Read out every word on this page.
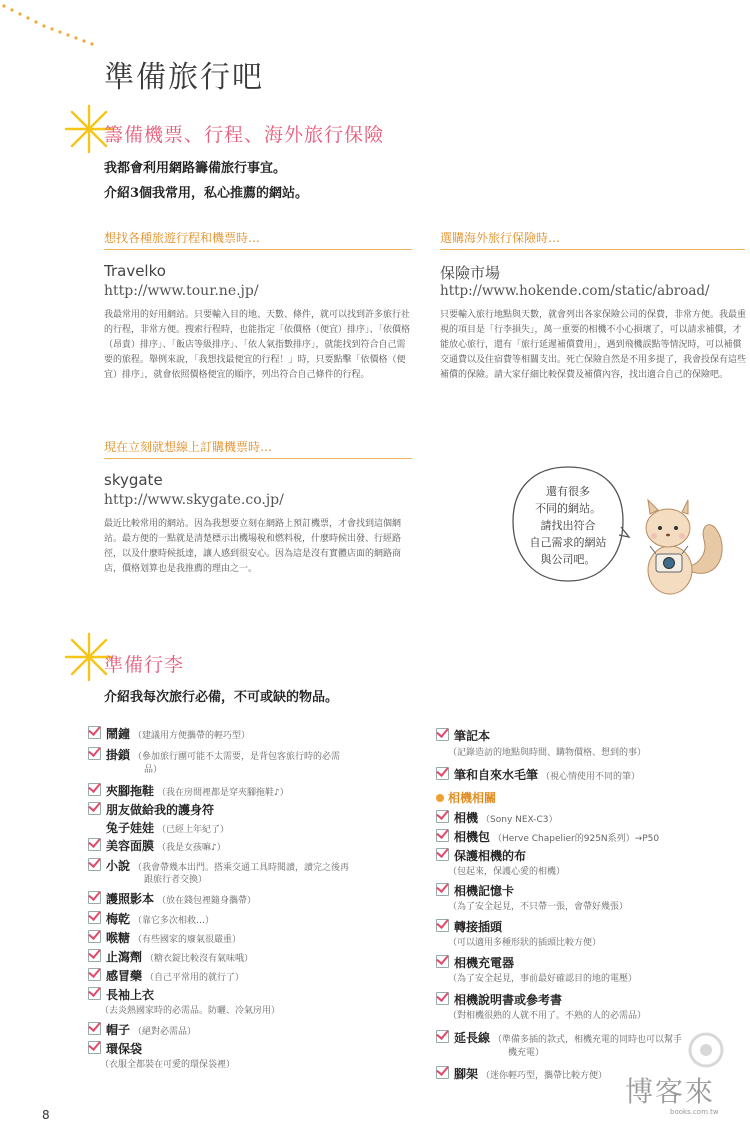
準備旅行吧
籌備機票、行程、海外旅行保險
我都會利用網路籌備旅行事宜。
介紹3個我常用，私心推薦的網站。
想找各種旅遊行程和機票時…
Travelko
http://www.tour.ne.jp/
我最常用的好用網站。只要輸入目的地、天數、條件，就可以找到許多旅行社的行程，非常方便。搜索行程時，也能指定「依價格（便宜）排序」、「依價格（昂貴）排序」、「飯店等級排序」、「依人氣指數排序」，就能找到符合自己需要的旅程。舉例來說，「我想找最便宜的行程！」時，只要點擊「依價格（便宜）排序」，就會依照價格便宜的順序，列出符合自己條件的行程。
選購海外旅行保險時…
保險市場
http://www.hokende.com/static/abroad/
只要輸入旅行地點與天數，就會列出各家保險公司的保費，非常方便。我最重視的項目是「行李損失」，萬一重要的相機不小心損壞了，可以請求補償，才能放心旅行，還有「旅行延遲補償費用」，遇到飛機誤點等情況時，可以補償交通費以及住宿費等相關支出。死亡保險自然是不用多提了，我會投保有這些補償的保險。請大家仔細比較保費及補償內容，找出適合自己的保險吧。
現在立刻就想線上訂購機票時…
skygate
http://www.skygate.co.jp/
最近比較常用的網站。因為我想要立刻在網路上預訂機票，才會找到這個網站。最方便的一點就是清楚標示出機場稅和燃料稅，什麼時候出發、行經路徑，以及什麼時候抵達，讓人感到很安心。因為這是沒有實體店面的網路商店，價格划算也是我推薦的理由之一。
還有很多
不同的網站。
請找出符合
自己需求的網站
與公司吧。
準備行李
介紹我每次旅行必備，不可或缺的物品。
鬧鐘 （建議用方便攜帶的輕巧型）
掛鎖 （參加旅行團可能不太需要，是背包客旅行時的必需
品）
夾腳拖鞋 （我在房間裡都是穿夾腳拖鞋♪）
朋友做給我的護身符
兔子娃娃 （已經上年紀了）
美容面膜 （我是女孩嘛♪）
小說 （我會帶幾本出門。搭乘交通工具時閱讀，讀完之後再
跟旅行者交換）
護照影本 （放在錢包裡隨身攜帶）
梅乾 （靠它多次相救…）
喉糖 （有些國家的廢氣很嚴重）
止瀉劑 （糖衣錠比較沒有氣味哦）
感冒藥 （自己平常用的就行了）
長袖上衣
（去炎熱國家時的必需品。防曬、冷氣房用）
帽子 （絕對必需品）
環保袋
（衣服全都裝在可愛的環保袋裡）
筆記本
（記錄造訪的地點與時間、購物價格、想到的事）
筆和自來水毛筆 （視心情使用不同的筆）
相機相關
相機 （Sony NEX-C3）
相機包 （Herve Chapelier的925N系列）→P50
保護相機的布
（包起來，保護心愛的相機）
相機記憶卡
（為了安全起見，不只帶一張，會帶好幾張）
轉接插頭
（可以適用多種形狀的插頭比較方便）
相機充電器
（為了安全起見，事前最好確認目的地的電壓）
相機說明書或參考書
（對相機很熟的人就不用了。不熟的人的必需品）
延長線 （準備多插的款式，相機充電的同時也可以幫手
機充電）
腳架 （迷你輕巧型，攜帶比較方便） 博客來
books.com.tw
8
